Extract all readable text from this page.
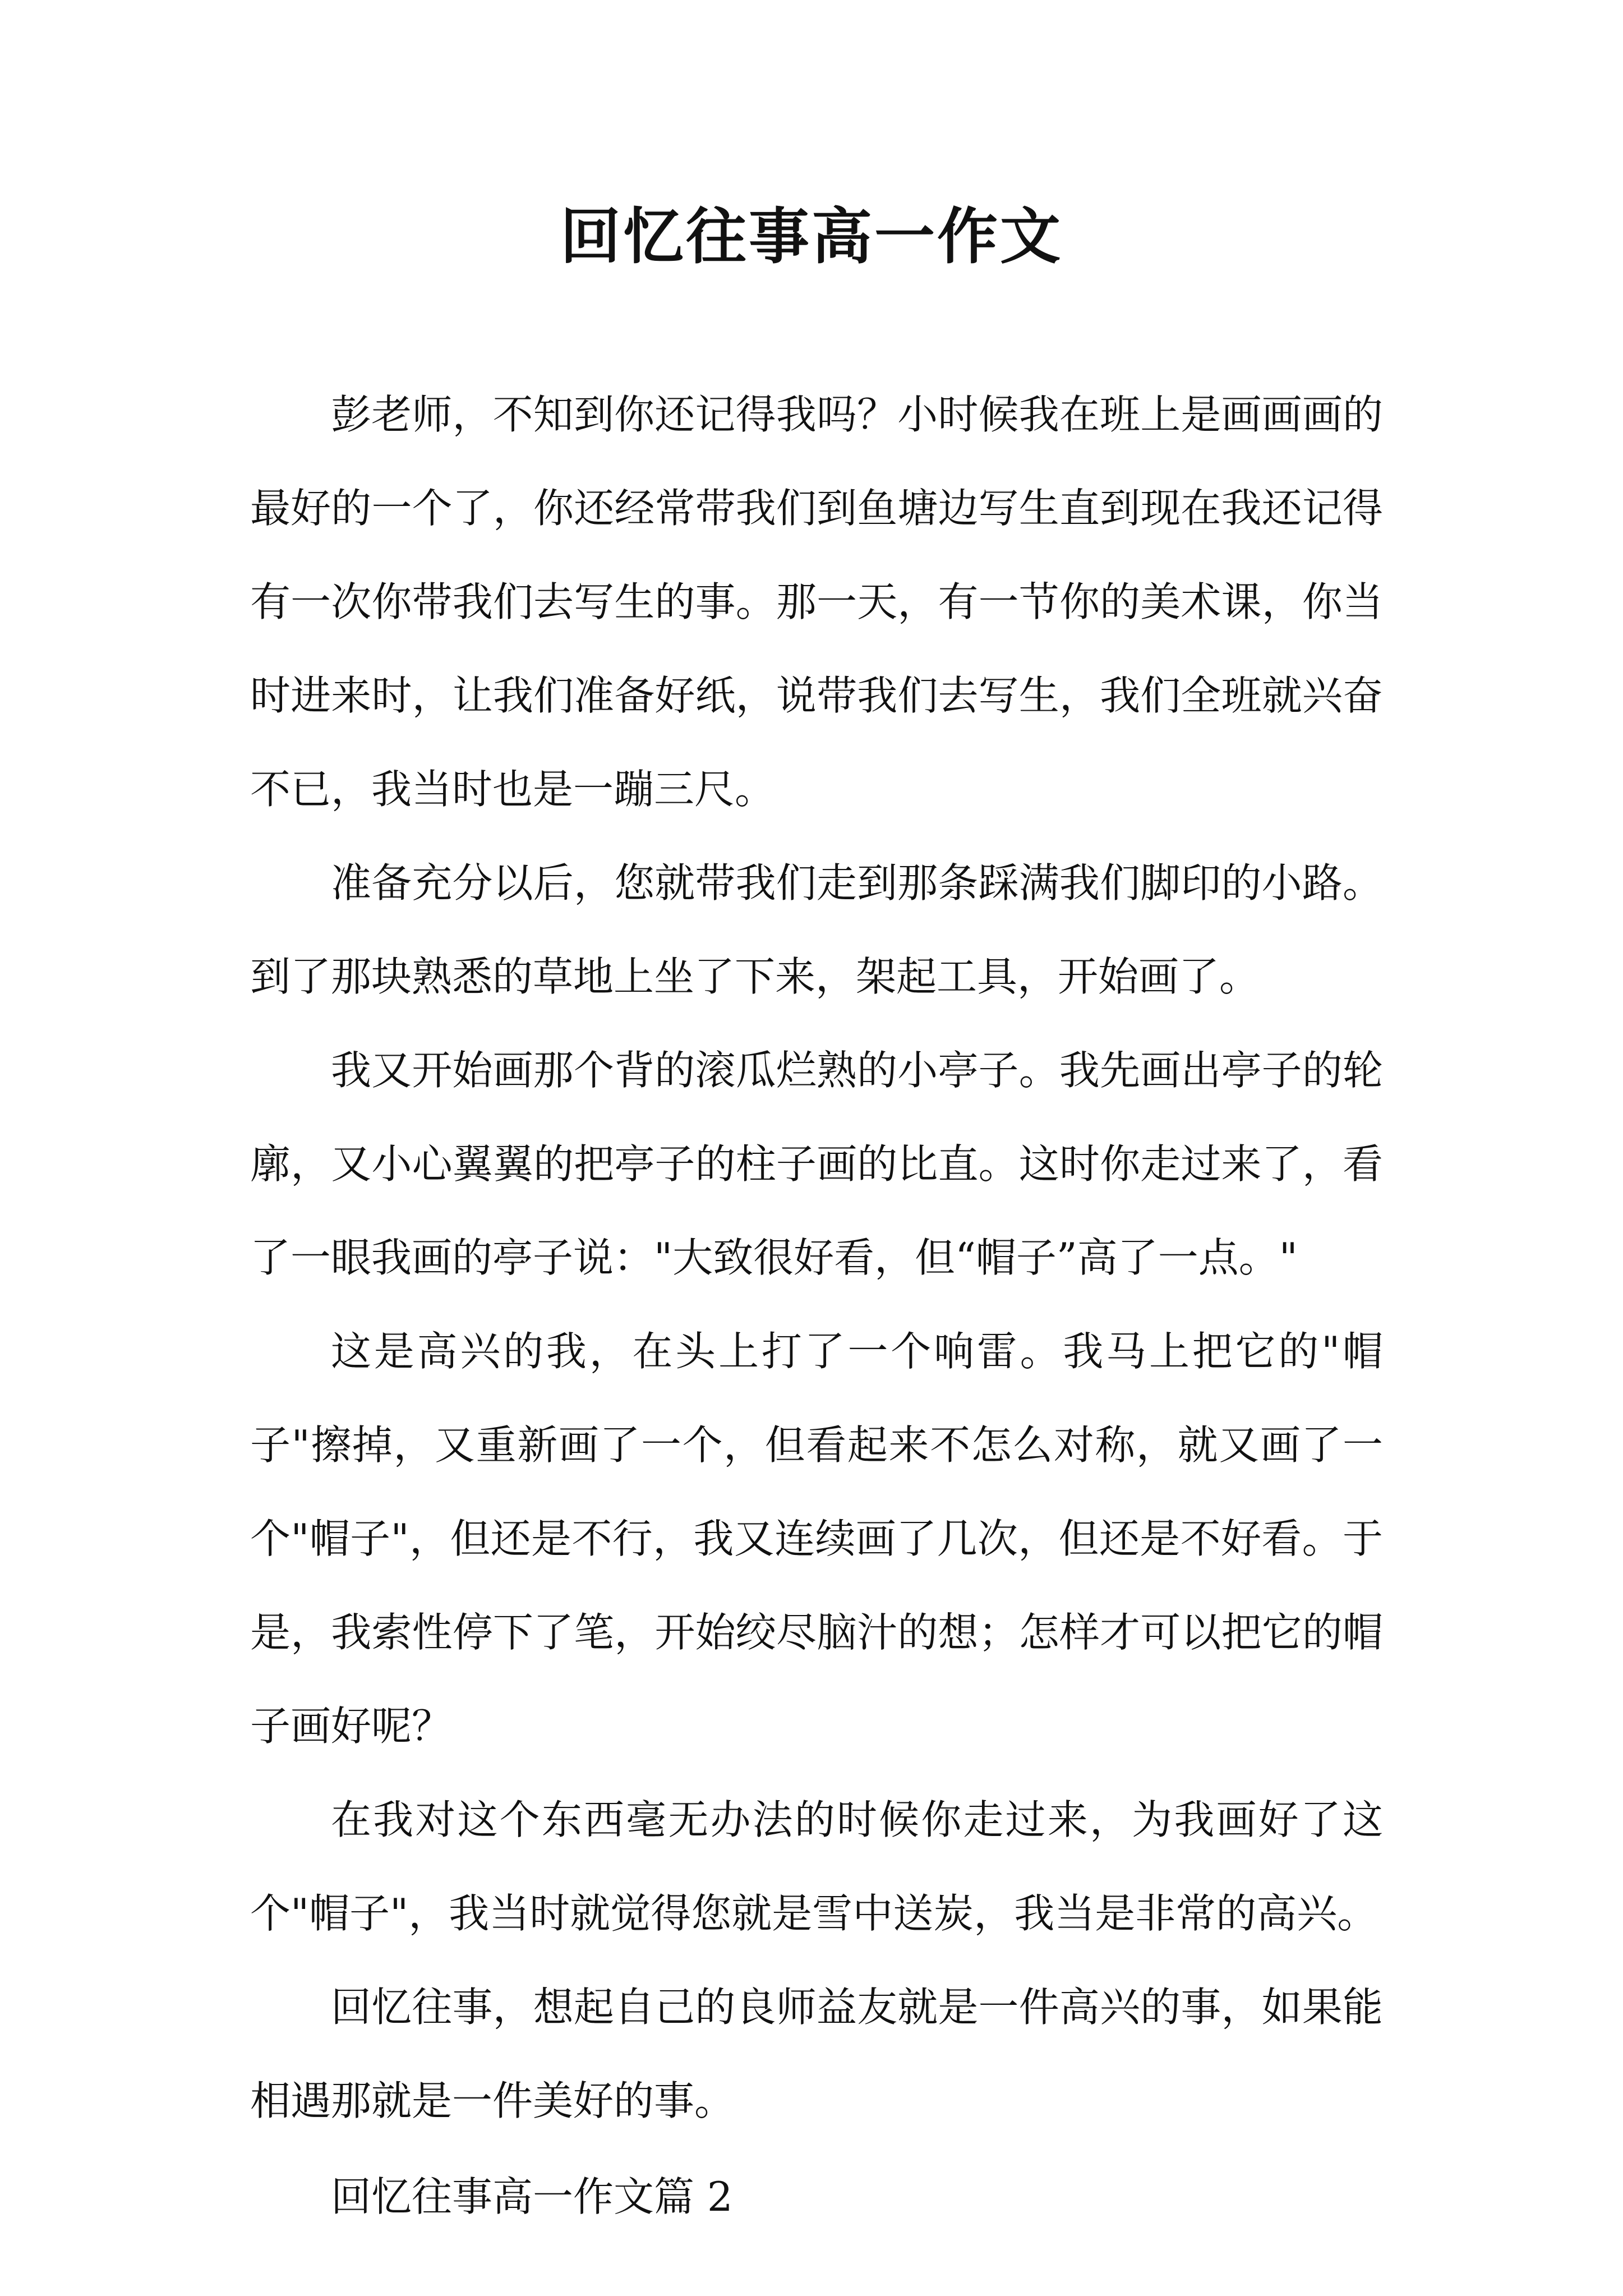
回忆往事高一作文

彭老师，不知到你还记得我吗？小时候我在班上是画画画的最好的一个了，你还经常带我们到鱼塘边写生直到现在我还记得有一次你带我们去写生的事。那一天，有一节你的美术课，你当时进来时，让我们准备好纸，说带我们去写生，我们全班就兴奋不已，我当时也是一蹦三尺。

准备充分以后，您就带我们走到那条踩满我们脚印的小路。到了那块熟悉的草地上坐了下来，架起工具，开始画了。

我又开始画那个背的滚瓜烂熟的小亭子。我先画出亭子的轮廓，又小心翼翼的把亭子的柱子画的比直。这时你走过来了，看了一眼我画的亭子说："大致很好看，但“帽子”高了一点。"

这是高兴的我，在头上打了一个响雷。我马上把它的"帽子"擦掉，又重新画了一个，但看起来不怎么对称，就又画了一个"帽子"，但还是不行，我又连续画了几次，但还是不好看。于是，我索性停下了笔，开始绞尽脑汁的想；怎样才可以把它的帽子画好呢？

在我对这个东西毫无办法的时候你走过来，为我画好了这个"帽子"，我当时就觉得您就是雪中送炭，我当是非常的高兴。

回忆往事，想起自己的良师益友就是一件高兴的事，如果能相遇那就是一件美好的事。

回忆往事高一作文篇 2
